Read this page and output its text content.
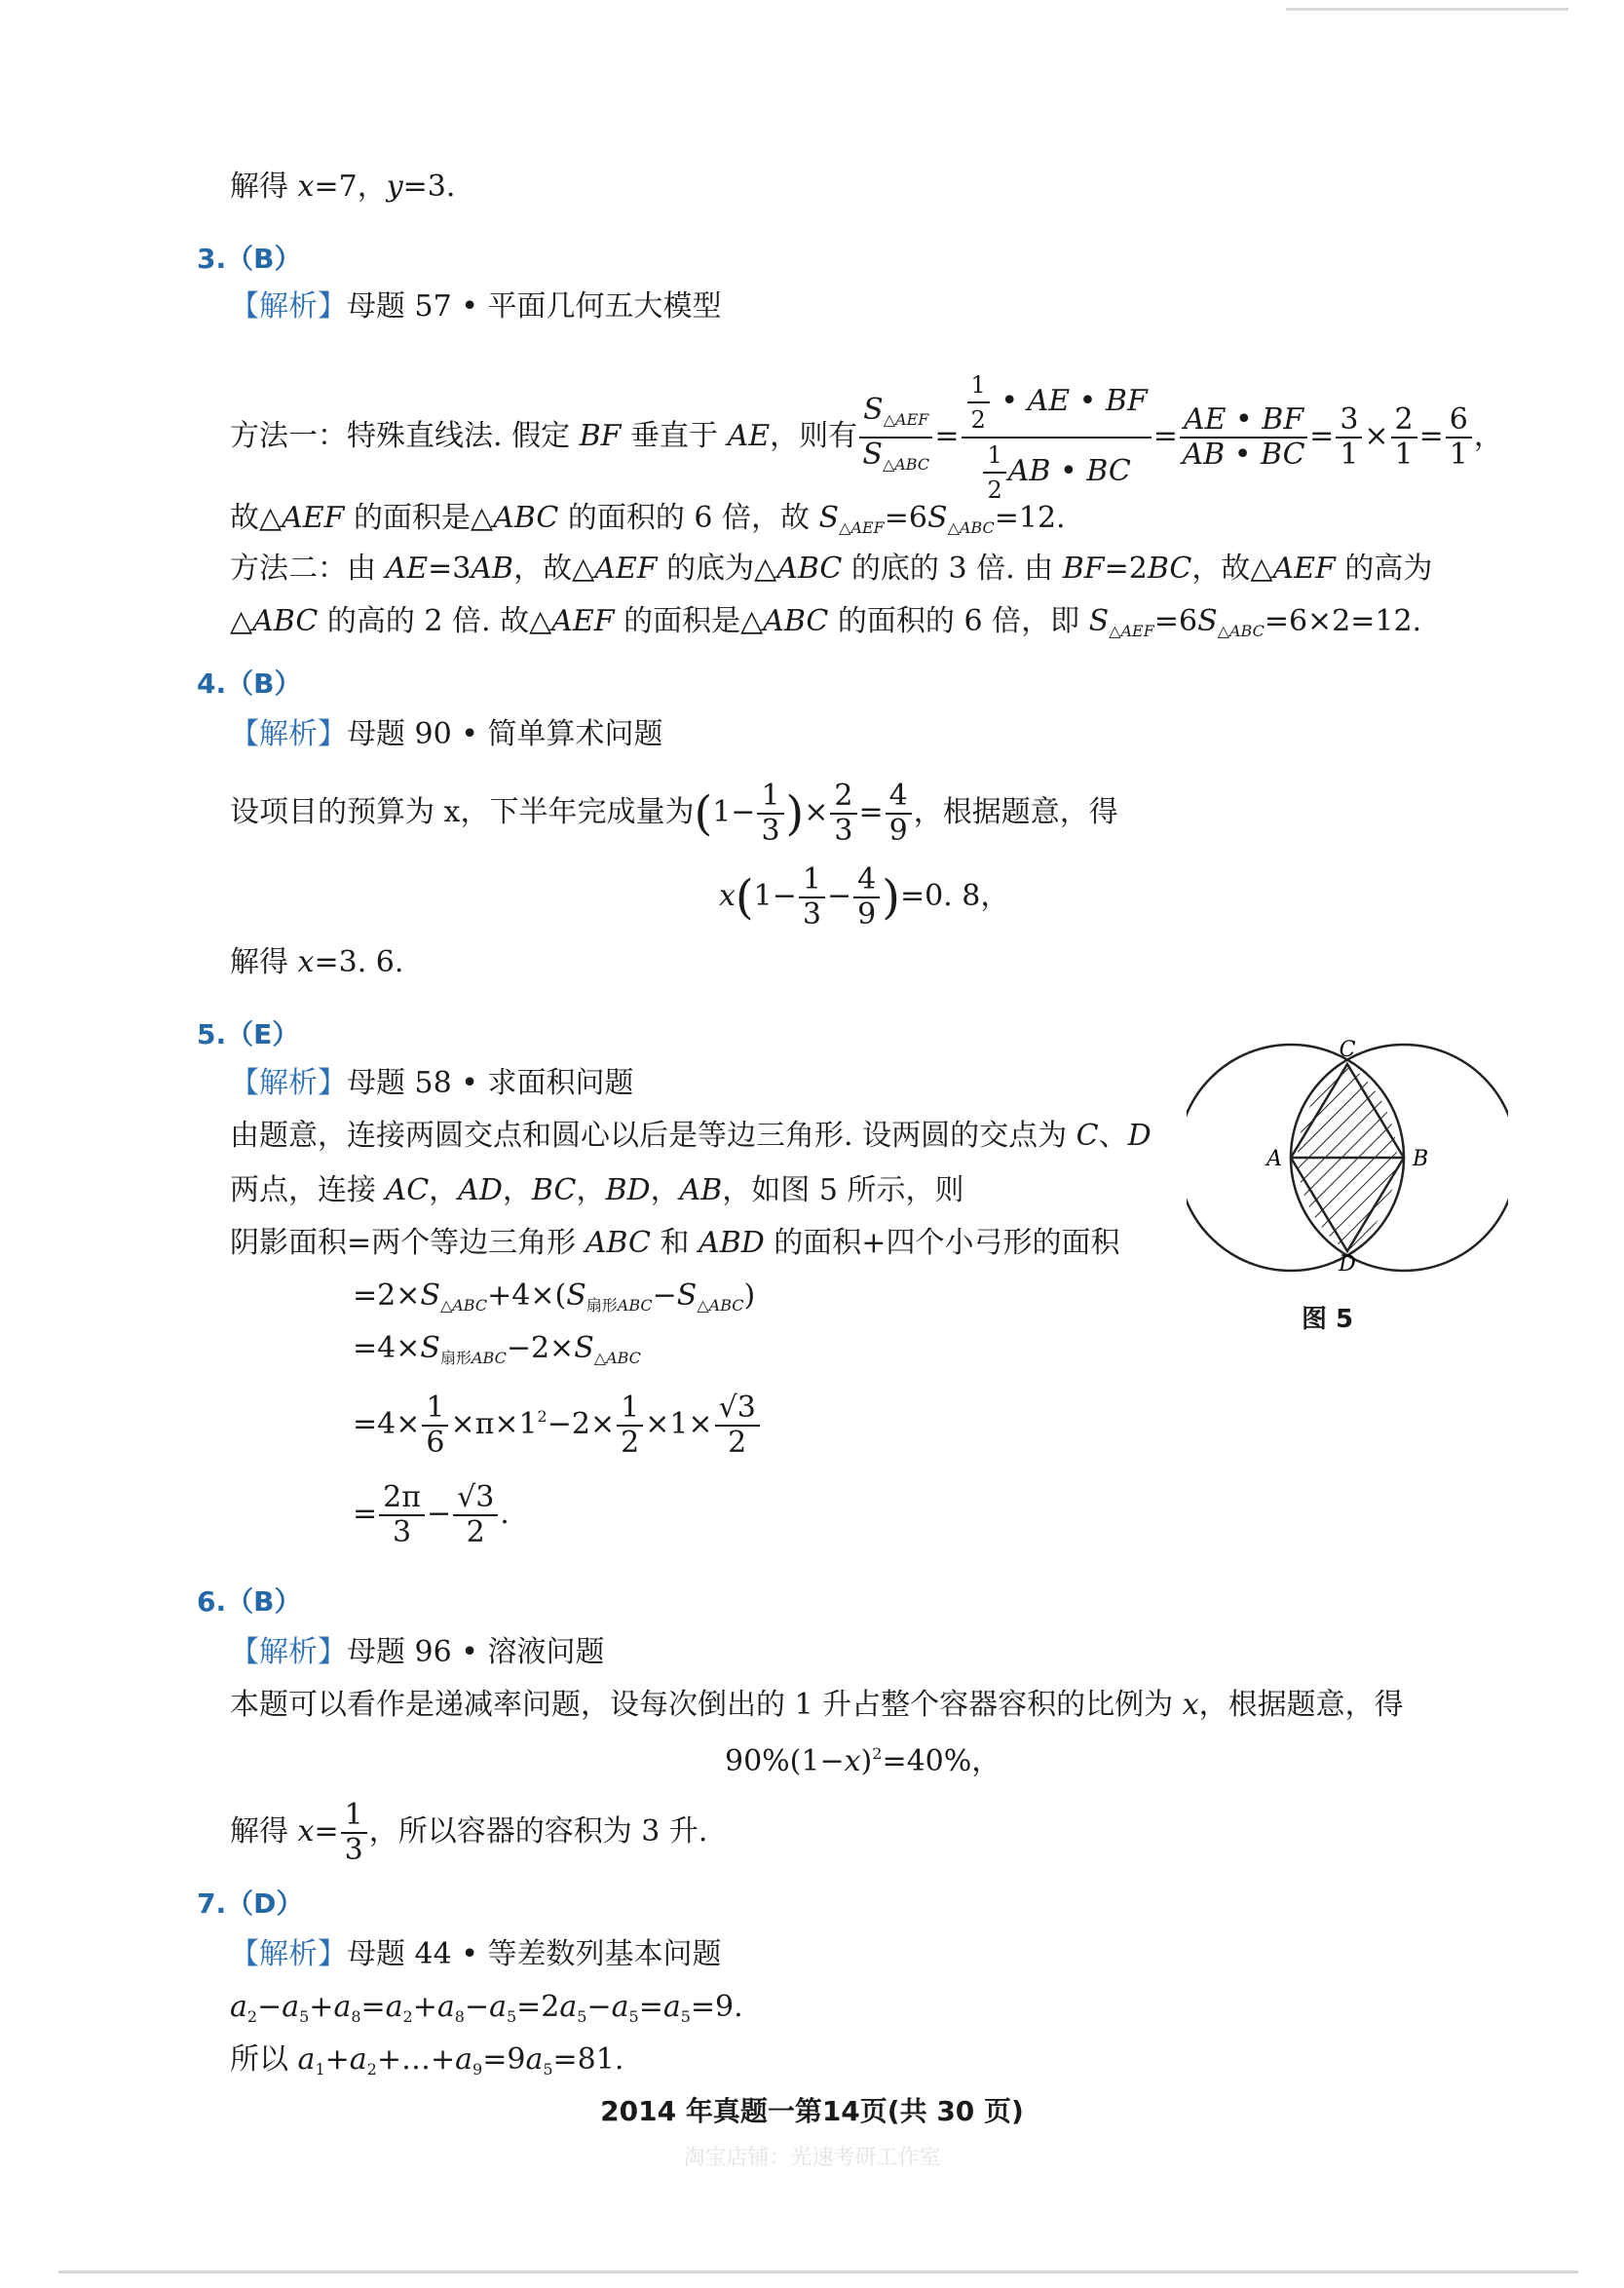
解得 x=7，y=3.
3.（B）
【解析】母题 57 • 平面几何五大模型
方法一：特殊直线法. 假定 BF 垂直于 AE，则有 $\frac{S_{\triangle AEF}}{S_{\triangle ABC}} = \frac{\frac{1}{2} • AE • BF}{\frac{1}{2} AB • BC} = \frac{AE • BF}{AB • BC} = \frac{3}{1} \times \frac{2}{1} = \frac{6}{1}$ ，
故△AEF 的面积是△ABC 的面积的 6 倍，故 $S_{\triangle AEF}=6S_{\triangle ABC}=12$.
方法二：由 AE=3AB，故△AEF 的底为△ABC 的底的 3 倍. 由 BF=2BC，故△AEF 的高为
△ABC 的高的 2 倍. 故△AEF 的面积是△ABC 的面积的 6 倍，即 $S_{\triangle AEF}=6S_{\triangle ABC}=6\times 2=12$.
4.（B）
【解析】母题 90 • 简单算术问题
设项目的预算为 x，下半年完成量为($1- \frac{1}{3}$ )× $\frac{2}{3} = \frac{4}{9}$ ，根据题意，得
$x(1- \frac{1}{3} - \frac{4}{9} )=0$. 8，
解得 x=3. 6.
5.（E）
【解析】母题 58 • 求面积问题
由题意，连接两圆交点和圆心以后是等边三角形. 设两圆的交点为 C、D
两点，连接 AC，AD，BC，BD，AB，如图 5 所示，则
阴影面积=两个等边三角形 ABC 和 ABD 的面积+四个小弓形的面积
$=2\times S_{\triangle ABC}+4\times(S_{扇形ABC}-S_{\triangle ABC})$
$=4\times S_{扇形ABC}-2\times S_{\triangle ABC}$
$=4\times \frac{1}{6} \times\pi\times 1^2-2\times \frac{1}{2} \times 1\times \frac{√3}{2}$
= $\frac{2\pi}{3} - \frac{√3}{2}$ .
C
A	B
D
图 5
6.（B）
【解析】母题 96 • 溶液问题
本题可以看作是递减率问题，设每次倒出的 1 升占整个容器容积的比例为 x，根据题意，得
$90\%(1-x)^2=40\%$，
解得 $x= \frac{1}{3}$ ，所以容器的容积为 3 升.
7.（D）
【解析】母题 44 • 等差数列基本问题
$a_2-a_5+a_8=a_2+a_8-a_5=2a_5-a_5=a_5=9$.
所以 $a_1+a_2+\dots+a_9=9a_5=81$.
2014 年真题一第14页(共 30 页)
淘宝店铺：光速考研工作室
